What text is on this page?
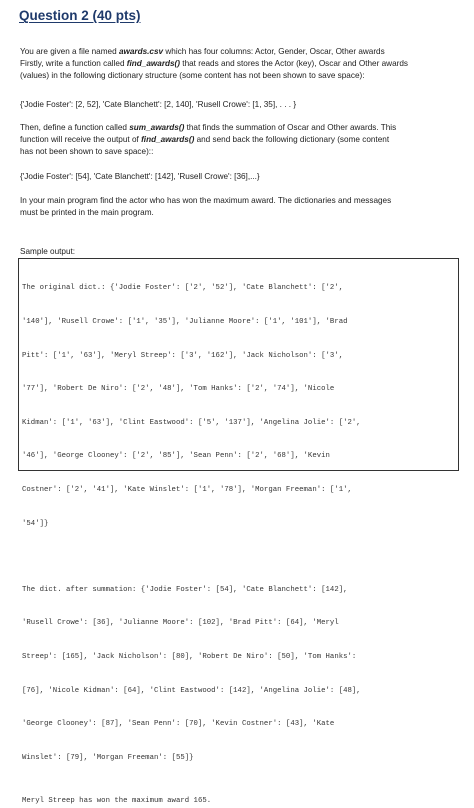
Question 2 (40 pts)
You are given a file named awards.csv which has four columns: Actor, Gender, Oscar, Other awards
Firstly, write a function called find_awards() that reads and stores the Actor (key), Oscar and Other awards
(values) in the following dictionary structure (some content has not been shown to save space):
{'Jodie Foster': [2, 52], 'Cate Blanchett': [2, 140], 'Rusell Crowe': [1, 35], . . . }
Then, define a function called sum_awards() that finds the summation of Oscar and Other awards. This
function will receive the output of find_awards() and send back the following dictionary (some content
has not been shown to save space)::
{'Jodie Foster': [54], 'Cate Blanchett': [142], 'Rusell Crowe': [36],...}
In your main program find the actor who has won the maximum award. The dictionaries and messages
must be printed in the main program.
Sample output:

The original dict.: {'Jodie Foster': ['2', '52'], 'Cate Blanchett': ['2',

'140'], 'Rusell Crowe': ['1', '35'], 'Julianne Moore': ['1', '101'], 'Brad

Pitt': ['1', '63'], 'Meryl Streep': ['3', '162'], 'Jack Nicholson': ['3',

'77'], 'Robert De Niro': ['2', '48'], 'Tom Hanks': ['2', '74'], 'Nicole

Kidman': ['1', '63'], 'Clint Eastwood': ['5', '137'], 'Angelina Jolie': ['2',

'46'], 'George Clooney': ['2', '85'], 'Sean Penn': ['2', '68'], 'Kevin

Costner': ['2', '41'], 'Kate Winslet': ['1', '78'], 'Morgan Freeman': ['1',

'54']}

The dict. after summation: {'Jodie Foster': [54], 'Cate Blanchett': [142],

'Rusell Crowe': [36], 'Julianne Moore': [102], 'Brad Pitt': [64], 'Meryl

Streep': [165], 'Jack Nicholson': [80], 'Robert De Niro': [50], 'Tom Hanks':

[76], 'Nicole Kidman': [64], 'Clint Eastwood': [142], 'Angelina Jolie': [48],

'George Clooney': [87], 'Sean Penn': [70], 'Kevin Costner': [43], 'Kate

Winslet': [79], 'Morgan Freeman': [55]}

Meryl Streep has won the maximum award 165.
